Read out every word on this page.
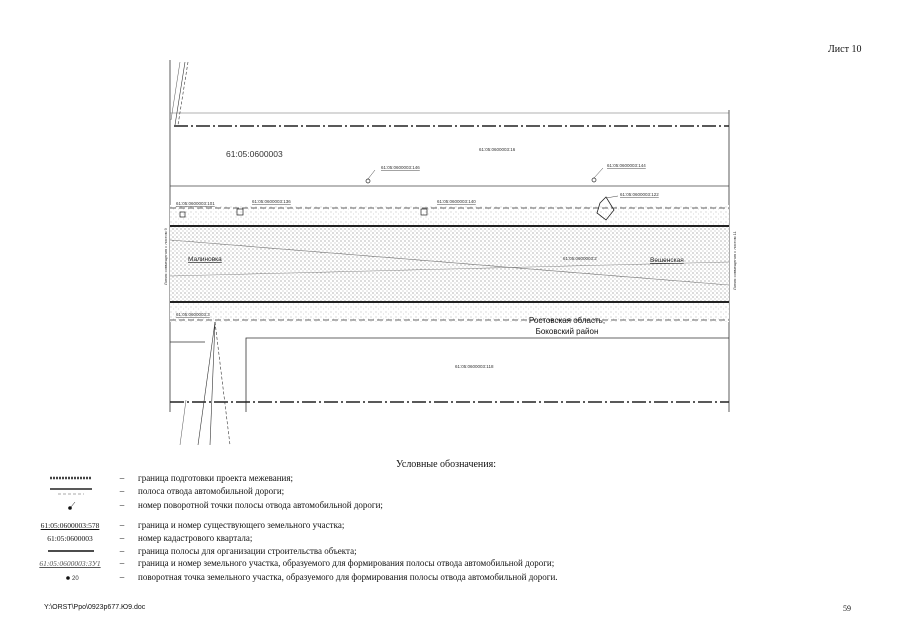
Лист 10
61:05:0600003	61:05:0600003:16
61:05:0600003:146	61:05:0600003:144
61:05:0600003:122
61:05:0600003:101	61:05:0600003:136	61:05:0600003:140
61:05:0600003:2
Малиновка	Вешенская
61:05:0600003:3
Ростовская область,
Боковский район
61:05:0600003:118
Линия совмещения с листом 9	Линия совмещения с листом 11
Условные обозначения:
–	граница подготовки проекта межевания;
–	полоса отвода автомобильной дороги;
–	номер поворотной точки полосы отвода автомобильной дороги;
61:05:0600003:578	–	граница и номер существующего земельного участка;
61:05:0600003	–	номер кадастрового квартала;
–	граница полосы для организации строительства объекта;
61:05:0600003:3У1	–	граница и номер земельного участка, образуемого для формирования полосы отвода автомобильной дороги;
20	–	поворотная точка земельного участка, образуемого для формирования полосы отвода автомобильной дороги.
Y:\ORST\Ppo\0923p677.Ю9.doc	59
